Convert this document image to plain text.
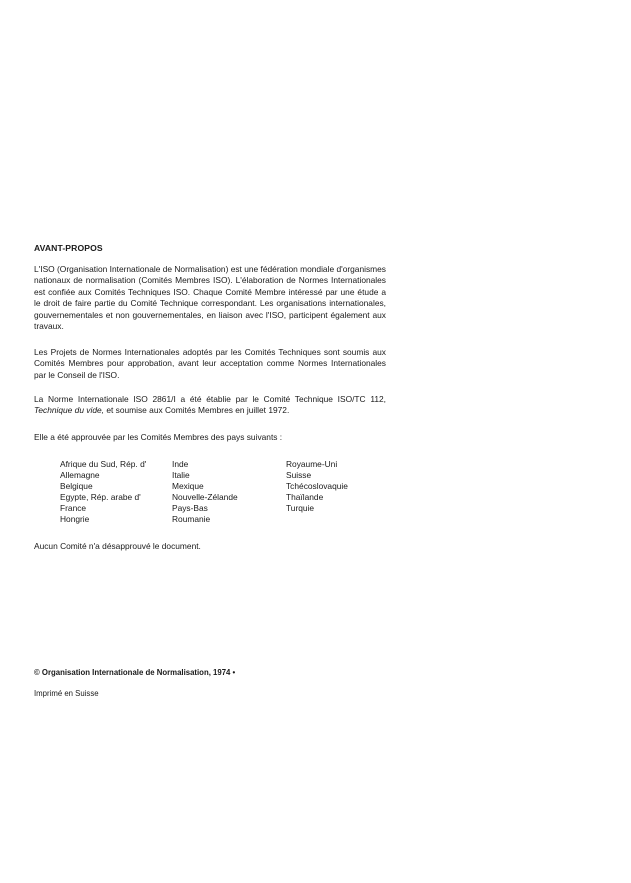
AVANT-PROPOS

L'ISO (Organisation Internationale de Normalisation) est une fédération mondiale d'organismes nationaux de normalisation (Comités Membres ISO). L'élaboration de Normes Internationales est confiée aux Comités Techniques ISO. Chaque Comité Membre intéressé par une étude a le droit de faire partie du Comité Technique correspondant. Les organisations internationales, gouvernementales et non gouvernementales, en liaison avec l'ISO, participent également aux travaux.

Les Projets de Normes Internationales adoptés par les Comités Techniques sont soumis aux Comités Membres pour approbation, avant leur acceptation comme Normes Internationales par le Conseil de l'ISO.

La Norme Internationale ISO 2861/I a été établie par le Comité Technique ISO/TC 112, Technique du vide, et soumise aux Comités Membres en juillet 1972.

Elle a été approuvée par les Comités Membres des pays suivants :

Afrique du Sud, Rép. d'
Allemagne
Belgique
Egypte, Rép. arabe d'
France
Hongrie
Inde
Italie
Mexique
Nouvelle-Zélande
Pays-Bas
Roumanie
Royaume-Uni
Suisse
Tchécoslovaquie
Thaïlande
Turquie
Aucun Comité n'a désapprouvé le document.
© Organisation Internationale de Normalisation, 1974 •
Imprimé en Suisse
